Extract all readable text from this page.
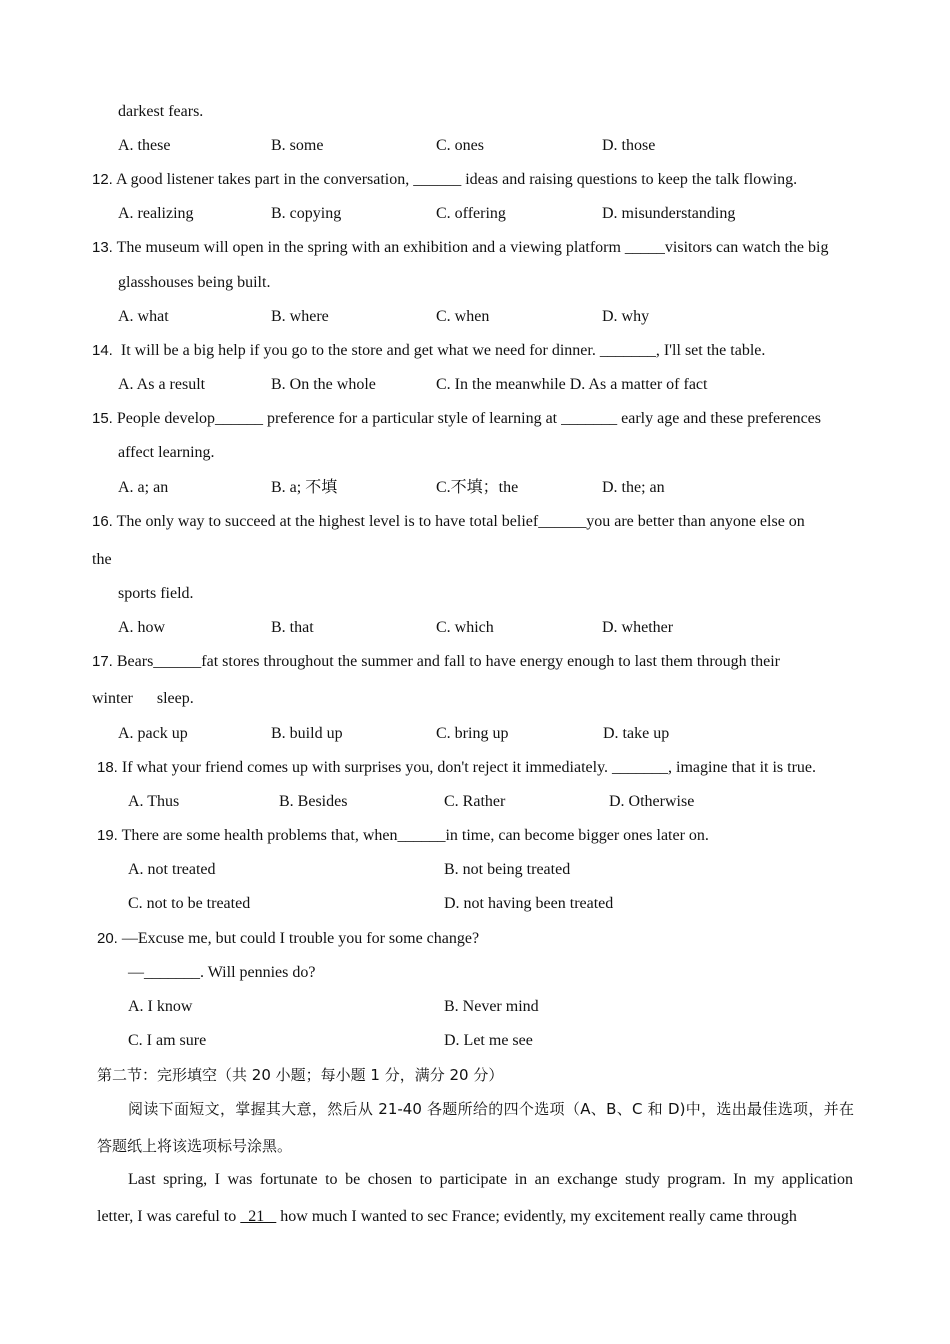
darkest fears.
A. these	B. some	C. ones	D. those
12. A good listener takes part in the conversation, ______ ideas and raising questions to keep the talk flowing.
A. realizing	B. copying	C. offering	D. misunderstanding
13. The museum will open in the spring with an exhibition and a viewing platform _____visitors can watch the big
glasshouses being built.
A. what	B. where	C. when	D. why
14.  It will be a big help if you go to the store and get what we need for dinner. _______, I'll set the table.
A. As a result	B. On the whole	C. In the meanwhile D. As a matter of fact
15. People develop______ preference for a particular style of learning at _______ early age and these preferences
affect learning.
A. a; an	B. a; 不填	C.不填；the	D. the; an
16. The only way to succeed at the highest level is to have total belief______you are better than anyone else on
the
sports field.
A. how	B. that	C. which	D. whether
17. Bears______fat stores throughout the summer and fall to have energy enough to last them through their
winter      sleep.
A. pack up	B. build up	C. bring up	D. take up
18. If what your friend comes up with surprises you, don't reject it immediately. _______, imagine that it is true.
A. Thus	B. Besides	C. Rather	D. Otherwise
19. There are some health problems that, when______in time, can become bigger ones later on.
A. not treated	B. not being treated
C. not to be treated	D. not having been treated
20. —Excuse me, but could I trouble you for some change?
—_______. Will pennies do?
A. I know	B. Never mind
C. I am sure	D. Let me see
第二节：完形填空（共 20 小题；每小题 1 分，满分 20 分）
阅读下面短文，掌握其大意，然后从 21-40 各题所给的四个选项（A、B、C 和 D)中，选出最佳选项，并在
答题纸上将该选项标号涂黑。
Last spring, I was fortunate to be chosen to participate in an exchange study program. In my application
letter, I was careful to   21    how much I wanted to sec France; evidently, my excitement really came through
